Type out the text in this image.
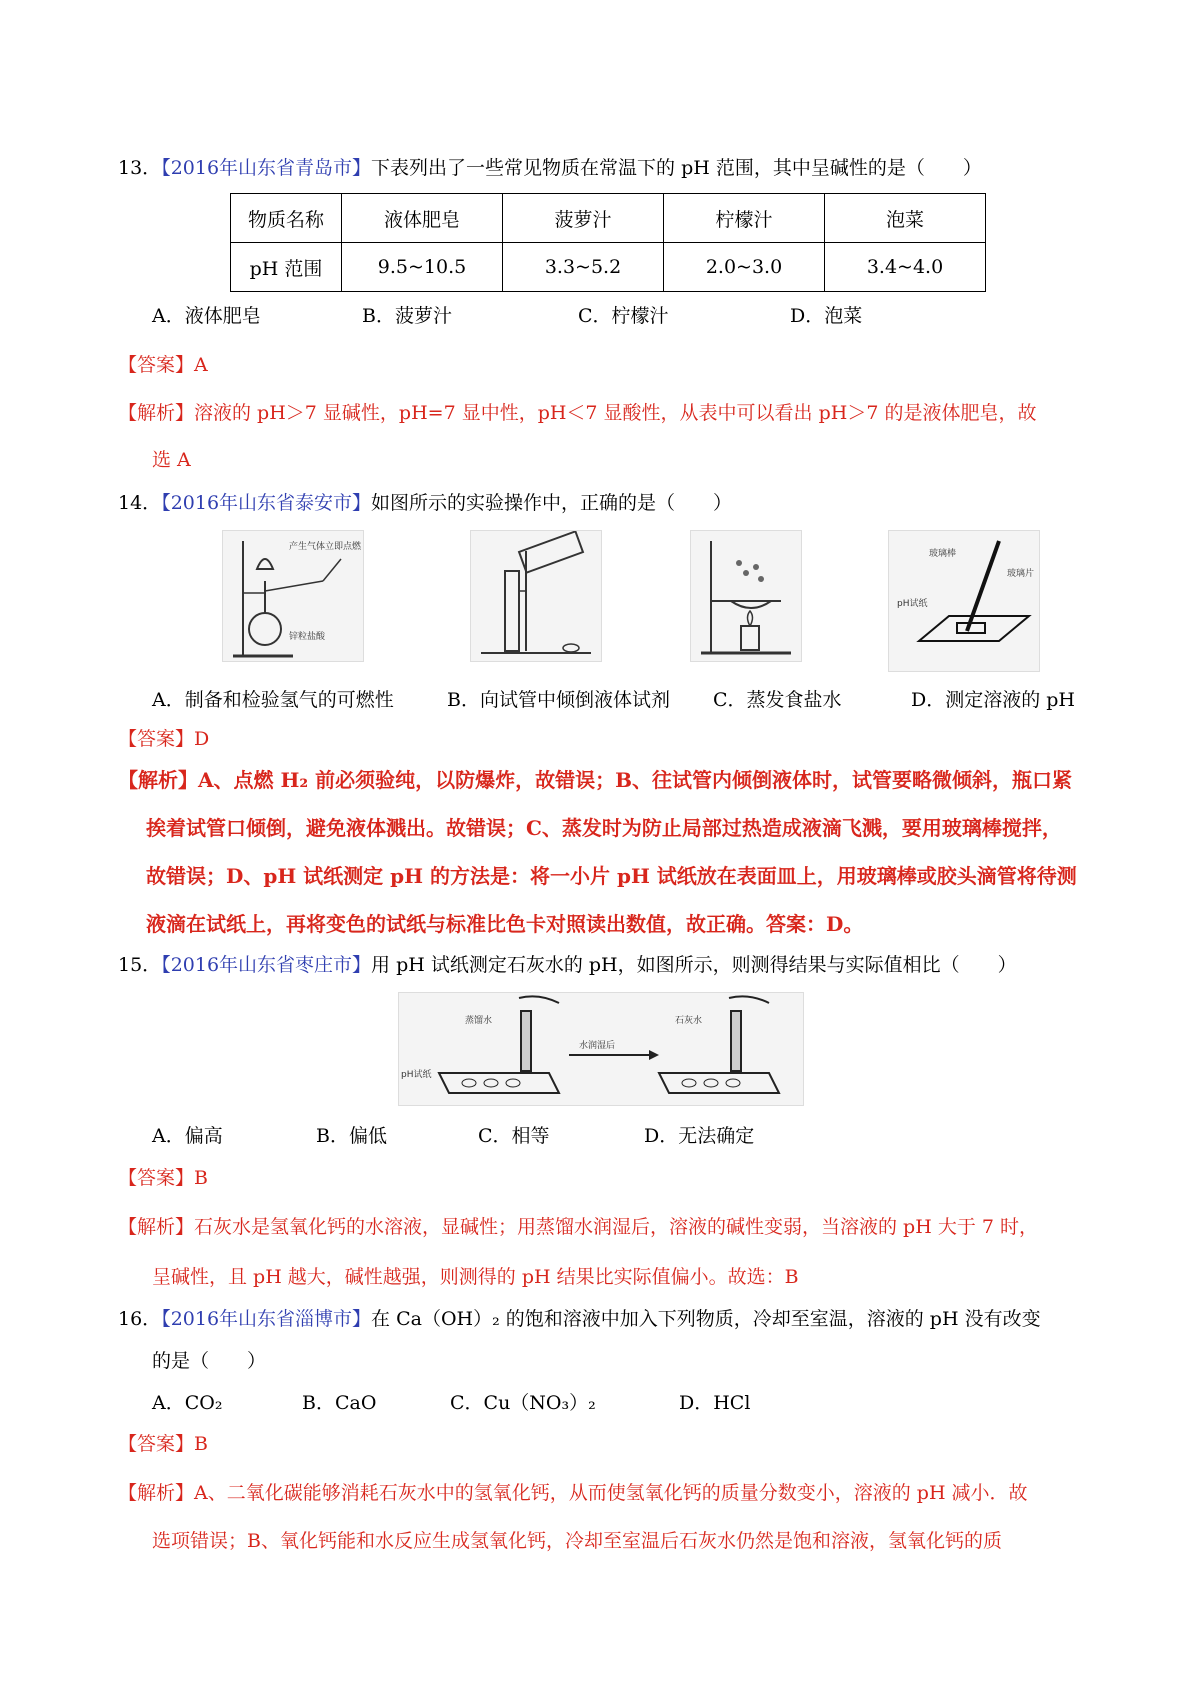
13．【2016年山东省青岛市】下表列出了一些常见物质在常温下的 pH 范围，其中呈碱性的是（　　）
物质名称	液体肥皂	菠萝汁	柠檬汁	泡菜
pH 范围	9.5~10.5	3.3~5.2	2.0~3.0	3.4~4.0
A．液体肥皂	B．菠萝汁	C．柠檬汁	D．泡菜
【答案】A
【解析】溶液的 pH＞7 显碱性，pH=7 显中性，pH＜7 显酸性，从表中可以看出 pH＞7 的是液体肥皂，故
选 A
14．【2016年山东省泰安市】如图所示的实验操作中，正确的是（　　）
产生气体立即点燃
锌粒盐酸
玻璃棒
pH试纸
玻璃片
A．制备和检验氢气的可燃性	B．向试管中倾倒液体试剂 C．蒸发食盐水	D．测定溶液的 pH
【答案】D
【解析】A、点燃 H₂ 前必须验纯，以防爆炸，故错误；B、往试管内倾倒液体时，试管要略微倾斜，瓶口紧
挨着试管口倾倒，避免液体溅出。故错误；C、蒸发时为防止局部过热造成液滴飞溅，要用玻璃棒搅拌，
故错误；D、pH 试纸测定 pH 的方法是：将一小片 pH 试纸放在表面皿上，用玻璃棒或胶头滴管将待测
液滴在试纸上，再将变色的试纸与标准比色卡对照读出数值，故正确。答案：D。
15．【2016年山东省枣庄市】用 pH 试纸测定石灰水的 pH，如图所示，则测得结果与实际值相比（　　）
蒸馏水
pH试纸
水润湿后
石灰水
A．偏高	B．偏低	C．相等	D．无法确定
【答案】B
【解析】石灰水是氢氧化钙的水溶液，显碱性；用蒸馏水润湿后，溶液的碱性变弱，当溶液的 pH 大于 7 时，
呈碱性，且 pH 越大，碱性越强，则测得的 pH 结果比实际值偏小。故选：B
16．【2016年山东省淄博市】在 Ca（OH）₂ 的饱和溶液中加入下列物质，冷却至室温，溶液的 pH 没有改变
的是（　　）
A．CO₂	B．CaO	C．Cu（NO₃）₂	D．HCl
【答案】B
【解析】A、二氧化碳能够消耗石灰水中的氢氧化钙，从而使氢氧化钙的质量分数变小，溶液的 pH 减小．故
选项错误；B、氧化钙能和水反应生成氢氧化钙，冷却至室温后石灰水仍然是饱和溶液，氢氧化钙的质
